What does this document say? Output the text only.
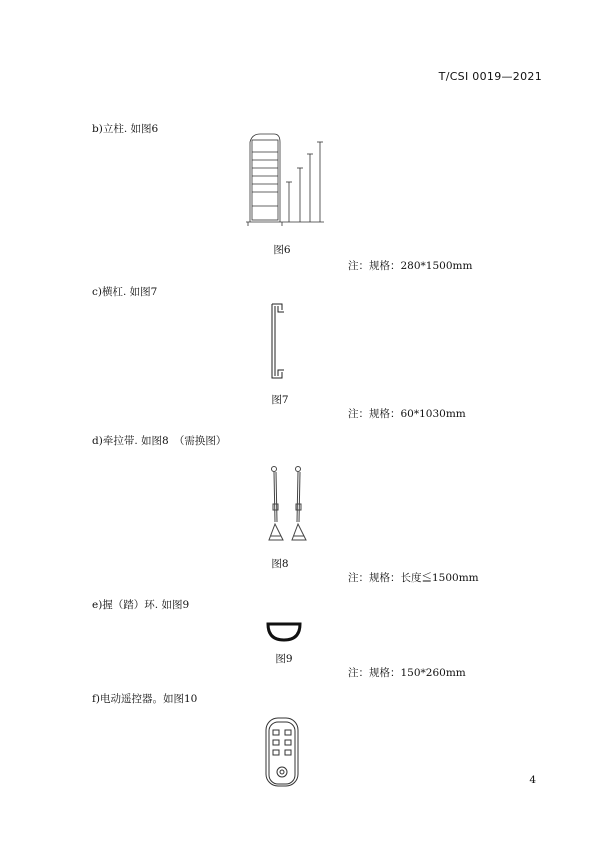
T/CSI 0019—2021
b)立柱. 如图6
图6
注：规格：280*1500mm
c)横杠. 如图7
图7
注：规格：60*1030mm
d)牵拉带. 如图8　（需换图）
图8
注：规格：长度≦1500mm
e)握（踏）环. 如图9
图9
注：规格：150*260mm
f)电动遥控器。如图10
4
